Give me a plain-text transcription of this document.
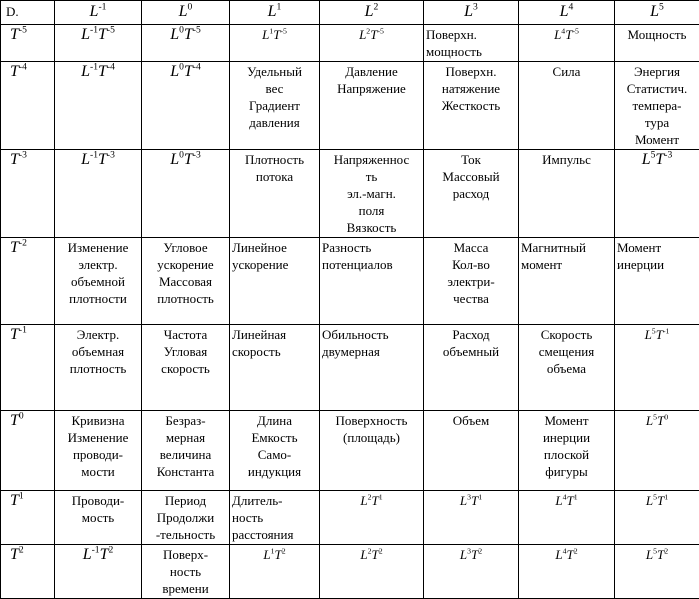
D.	$L^{-1}$	$L^0$	$L^1$	$L^2$	$L^3$	$L^4$	$L^5$
$T^{-5}$	$L^{-1}T^{-5}$	$L^0T^{-5}$	$L^1T^{-5}$	$L^2T^{-5}$	Поверхн.
мощность	$L^4T^{-5}$	Мощность

$T^{-4}$	$L^{-1}T^{-4}$	$L^0T^{-4}$	Удельный
вес
Градиент
давления	Давление
Напряжение	Поверхн.
натяжение
Жесткость	Сила	Энергия
Статистич.
темпера-
тура
Момент

$T^{-3}$	$L^{-1}T^{-3}$	$L^0T^{-3}$	Плотность
потока	Напряженнос
ть
эл.-магн.
поля
Вязкость	Ток
Массовый
расход	Импульс	$L^5T^{-3}$
$T^{-2}$	Изменение
электр.
объемной
плотности	Угловое
ускорение
Массовая
плотность	Линейное
ускорение	Разность
потенциалов	Масса
Кол-во
электри-
чества	Магнитный
момент	Момент
инерции

$T^{-1}$	Электр.
объемная
плотность	Частота
Угловая
скорость	Линейная
скорость	Обильность
двумерная	Расход
объемный	Скорость
смещения
объема	$L^5T^{-1}$
$T^0$	Кривизна
Изменение
проводи-
мости	Безраз-
мерная
величина
Константа	Длина
Емкость
Само-
индукция	Поверхность
(площадь)	Объем	Момент
инерции
плоской
фигуры	$L^5T^0$
$T^1$	Проводи-
мость	Период
Продолжи
-тельность	Длитель-
ность
расстояния	$L^2T^1$	$L^3T^1$	$L^4T^1$	$L^5T^1$
$T^2$	$L^{-1}T^2$	Поверх-
ность
времени	$L^1T^2$	$L^2T^2$	$L^3T^2$	$L^4T^2$	$L^5T^2$
